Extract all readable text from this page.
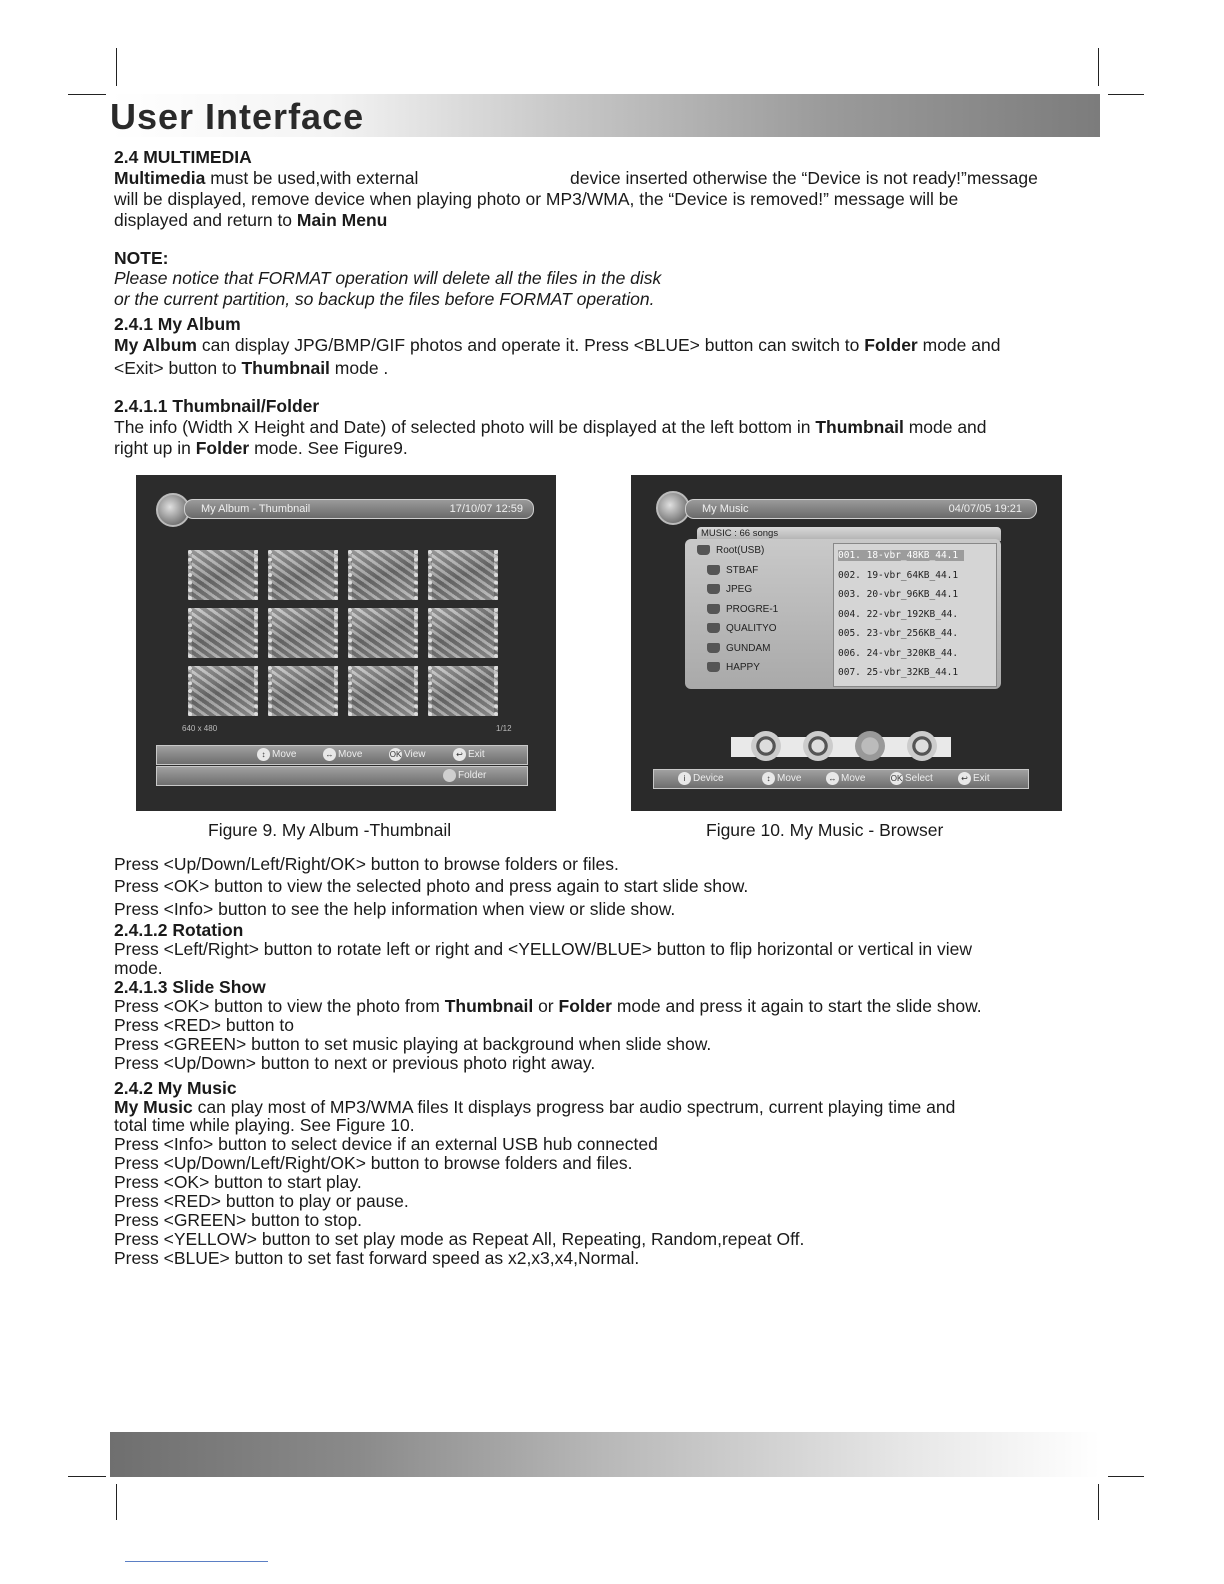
User Interface
2.4 MULTIMEDIA
Multimedia must be used,with external	device inserted otherwise the “Device is not ready!”message
will be displayed, remove device when playing photo or MP3/WMA, the “Device is removed!” message will be
displayed and return to Main Menu
NOTE:
Please notice that FORMAT operation will delete all the files in the disk
or the current partition, so backup the files before FORMAT operation.
2.4.1 My Album
My Album can display JPG/BMP/GIF photos and operate it. Press <BLUE> button can switch to Folder mode and
<Exit> button to Thumbnail mode .
2.4.1.1 Thumbnail/Folder
The info (Width X Height and Date) of selected photo will be displayed at the left bottom in Thumbnail mode and
right up in Folder mode. See Figure9.
My Album - Thumbnail	17/10/07 12:59
640 x 480	1/12
↕ Move	↔ Move	OK View	↩ Exit
Folder
Figure 9. My Album -Thumbnail
My Music	04/07/05 19:21
MUSIC : 66 songs
Root(USB)
STBAF
JPEG
PROGRE-1
QUALITYO
GUNDAM
HAPPY
001. 18-vbr_48KB_44.1
002. 19-vbr_64KB_44.1
003. 20-vbr_96KB_44.1
004. 22-vbr_192KB_44.
005. 23-vbr_256KB_44.
006. 24-vbr_320KB_44.
007. 25-vbr_32KB_44.1
i Device	↕ Move	↔ Move	OK Select	↩ Exit
Figure 10. My Music - Browser
Press <Up/Down/Left/Right/OK> button to browse folders or files.
Press <OK> button to view the selected photo and press again to start slide show.
Press <Info> button to see the help information when view or slide show.
2.4.1.2 Rotation
Press <Left/Right> button to rotate left or right and <YELLOW/BLUE> button to flip horizontal or vertical in view
mode.
2.4.1.3 Slide Show
Press <OK> button to view the photo from Thumbnail or Folder mode and press it again to start the slide show.
Press <RED> button to
Press <GREEN> button to set music playing at background when slide show.
Press <Up/Down> button to next or previous photo right away.
2.4.2 My Music
My Music can play most of MP3/WMA files It displays progress bar audio spectrum, current playing time and
total time while playing. See Figure 10.
Press <Info> button to select device if an external USB hub connected
Press <Up/Down/Left/Right/OK> button to browse folders and files.
Press <OK> button to start play.
Press <RED> button to play or pause.
Press <GREEN> button to stop.
Press <YELLOW> button to set play mode as Repeat All, Repeating, Random,repeat Off.
Press <BLUE> button to set fast forward speed as x2,x3,x4,Normal.
